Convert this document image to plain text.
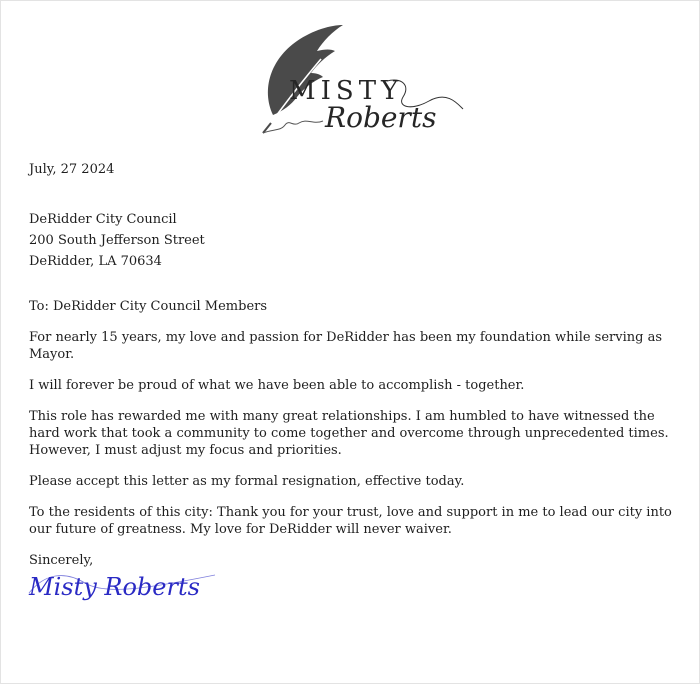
MISTY
Roberts

July, 27 2024

DeRidder City Council
200 South Jefferson Street
DeRidder, LA 70634

To: DeRidder City Council Members

For nearly 15 years, my love and passion for DeRidder has been my foundation while serving as Mayor.

I will forever be proud of what we have been able to accomplish - together.

This role has rewarded me with many great relationships. I am humbled to have witnessed the hard work that took a community to come together and overcome through unprecedented times. However, I must adjust my focus and priorities.

Please accept this letter as my formal resignation, effective today.

To the residents of this city: Thank you for your trust, love and support in me to lead our city into our future of greatness. My love for DeRidder will never waiver.

Sincerely,

Misty Roberts
